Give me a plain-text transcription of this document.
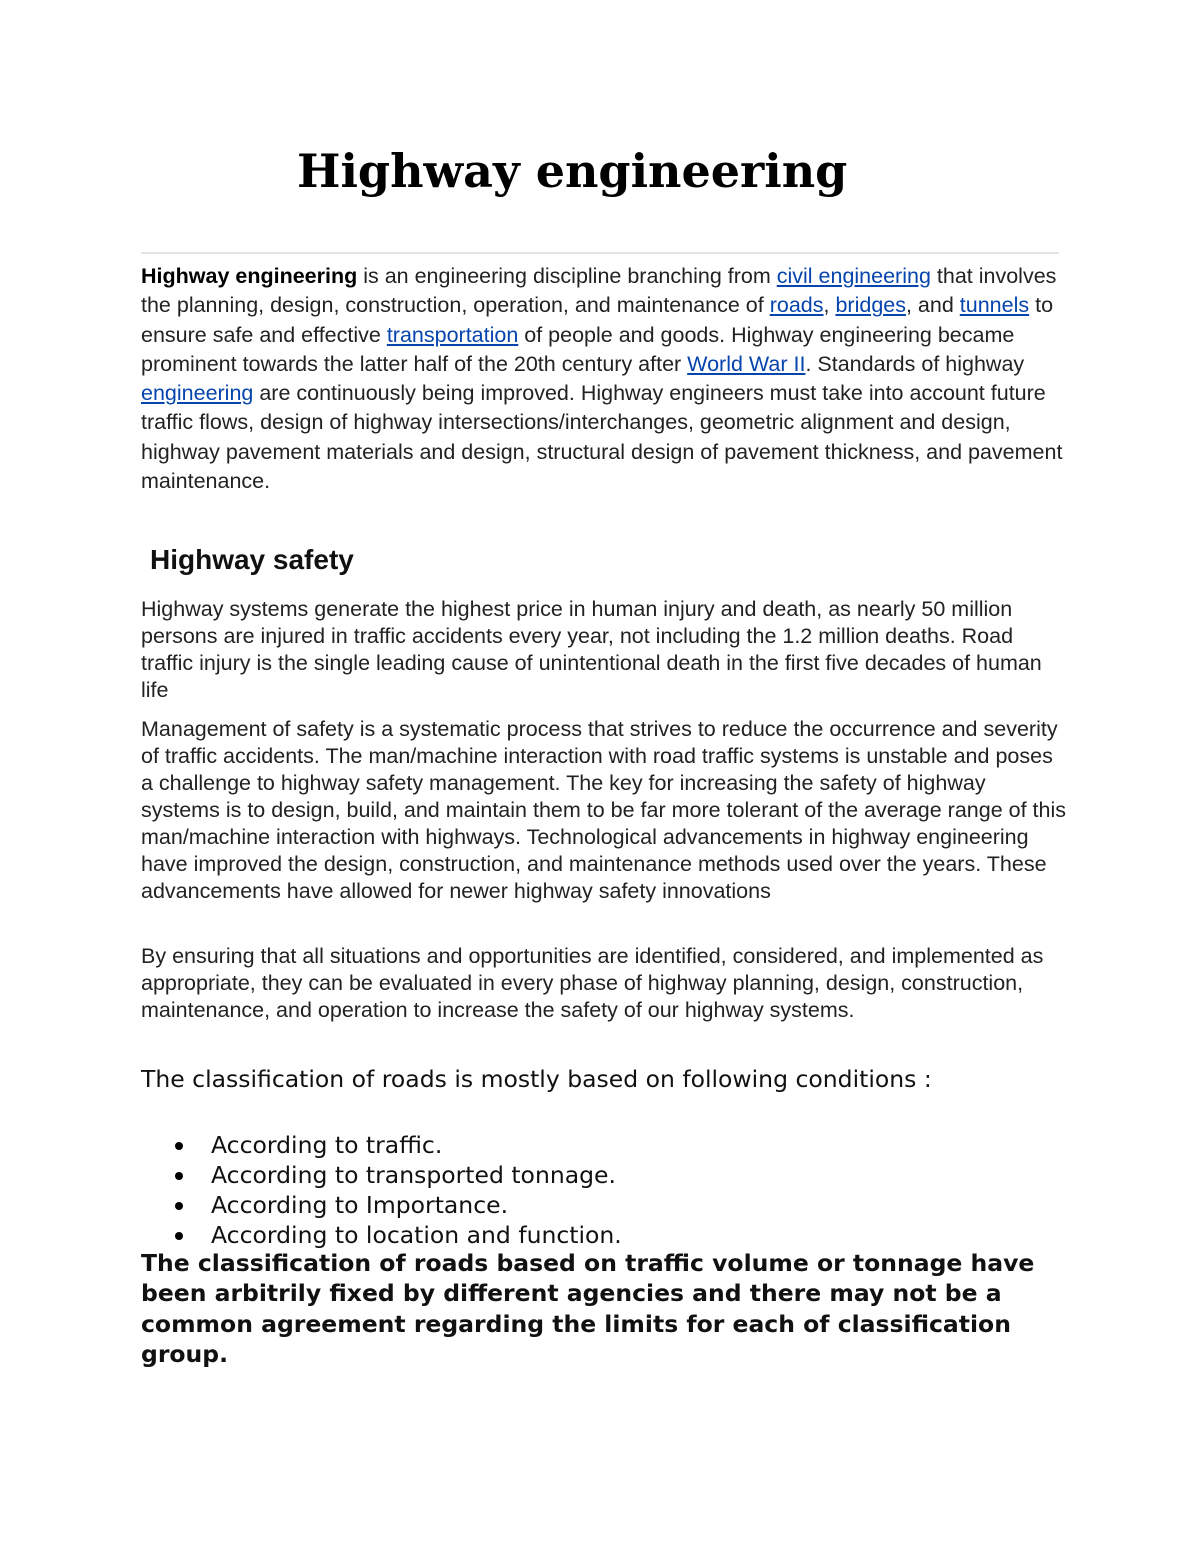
Highway engineering

Highway engineering is an engineering discipline branching from civil engineering that involves the planning, design, construction, operation, and maintenance of roads, bridges, and tunnels to ensure safe and effective transportation of people and goods. Highway engineering became prominent towards the latter half of the 20th century after World War II. Standards of highway engineering are continuously being improved. Highway engineers must take into account future traffic flows, design of highway intersections/interchanges, geometric alignment and design, highway pavement materials and design, structural design of pavement thickness, and pavement maintenance.

Highway safety

Highway systems generate the highest price in human injury and death, as nearly 50 million persons are injured in traffic accidents every year, not including the 1.2 million deaths. Road traffic injury is the single leading cause of unintentional death in the first five decades of human life

Management of safety is a systematic process that strives to reduce the occurrence and severity of traffic accidents. The man/machine interaction with road traffic systems is unstable and poses a challenge to highway safety management. The key for increasing the safety of highway systems is to design, build, and maintain them to be far more tolerant of the average range of this man/machine interaction with highways. Technological advancements in highway engineering have improved the design, construction, and maintenance methods used over the years. These advancements have allowed for newer highway safety innovations

By ensuring that all situations and opportunities are identified, considered, and implemented as appropriate, they can be evaluated in every phase of highway planning, design, construction, maintenance, and operation to increase the safety of our highway systems.

The classification of roads is mostly based on following conditions :

According to traffic.
According to transported tonnage.
According to Importance.
According to location and function.

The classification of roads based on traffic volume or tonnage have been arbitrily fixed by different agencies and there may not be a common agreement regarding the limits for each of classification group.
